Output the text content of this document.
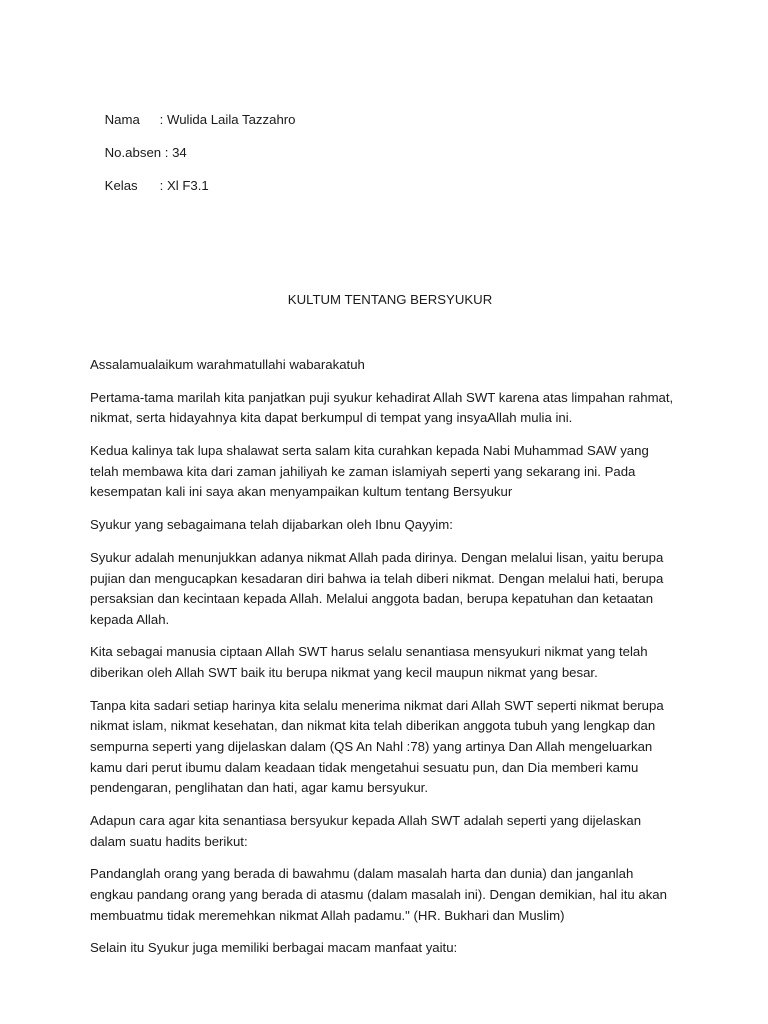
Nama : Wulida Laila Tazzahro

No.absen : 34

Kelas : Xl F3.1

KULTUM TENTANG BERSYUKUR

Assalamualaikum warahmatullahi wabarakatuh

Pertama-tama marilah kita panjatkan puji syukur kehadirat Allah SWT karena atas limpahan rahmat, nikmat, serta hidayahnya kita dapat berkumpul di tempat yang insyaAllah mulia ini.

Kedua kalinya tak lupa shalawat serta salam kita curahkan kepada Nabi Muhammad SAW yang telah membawa kita dari zaman jahiliyah ke zaman islamiyah seperti yang sekarang ini. Pada kesempatan kali ini saya akan menyampaikan kultum tentang Bersyukur

Syukur yang sebagaimana telah dijabarkan oleh Ibnu Qayyim:

Syukur adalah menunjukkan adanya nikmat Allah pada dirinya. Dengan melalui lisan, yaitu berupa pujian dan mengucapkan kesadaran diri bahwa ia telah diberi nikmat. Dengan melalui hati, berupa persaksian dan kecintaan kepada Allah. Melalui anggota badan, berupa kepatuhan dan ketaatan kepada Allah.

Kita sebagai manusia ciptaan Allah SWT harus selalu senantiasa mensyukuri nikmat yang telah diberikan oleh Allah SWT baik itu berupa nikmat yang kecil maupun nikmat yang besar.

Tanpa kita sadari setiap harinya kita selalu menerima nikmat dari Allah SWT seperti nikmat berupa nikmat islam, nikmat kesehatan, dan nikmat kita telah diberikan anggota tubuh yang lengkap dan sempurna seperti yang dijelaskan dalam (QS An Nahl :78) yang artinya Dan Allah mengeluarkan kamu dari perut ibumu dalam keadaan tidak mengetahui sesuatu pun, dan Dia memberi kamu pendengaran, penglihatan dan hati, agar kamu bersyukur.

Adapun cara agar kita senantiasa bersyukur kepada Allah SWT adalah seperti yang dijelaskan dalam suatu hadits berikut:

Pandanglah orang yang berada di bawahmu (dalam masalah harta dan dunia) dan janganlah engkau pandang orang yang berada di atasmu (dalam masalah ini). Dengan demikian, hal itu akan membuatmu tidak meremehkan nikmat Allah padamu." (HR. Bukhari dan Muslim)

Selain itu Syukur juga memiliki berbagai macam manfaat yaitu:
